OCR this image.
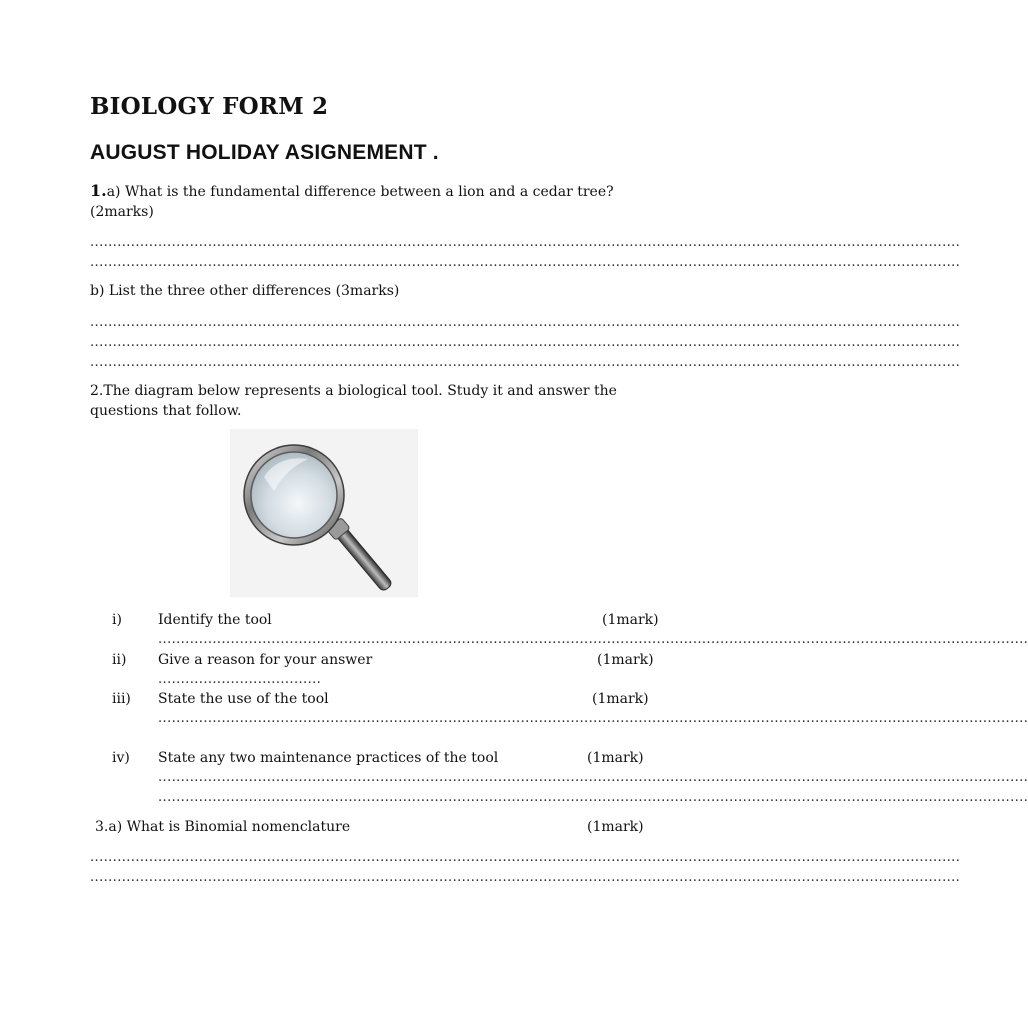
BIOLOGY FORM 2
AUGUST HOLIDAY ASIGNEMENT .
1.a) What is the fundamental difference between a lion and a cedar tree?
(2marks)
................................................................................................................................................................................................
................................................................................................................................................................................................
b) List the three other differences (3marks)
................................................................................................................................................................................................
................................................................................................................................................................................................
................................................................................................................................................................................................
2.The diagram below represents a biological tool. Study it and answer the
questions that follow.
i)	Identify the tool	(1mark)
................................................................................................................................................................................................
ii) Give a reason for your answer	(1mark)
....................................
iii) State the use of the tool	(1mark)
................................................................................................................................................................................................
iv) State any two maintenance practices of the tool	(1mark)
................................................................................................................................................................................................
................................................................................................................................................................................................
3.a) What is Binomial nomenclature	(1mark)
................................................................................................................................................................................................
................................................................................................................................................................................................
